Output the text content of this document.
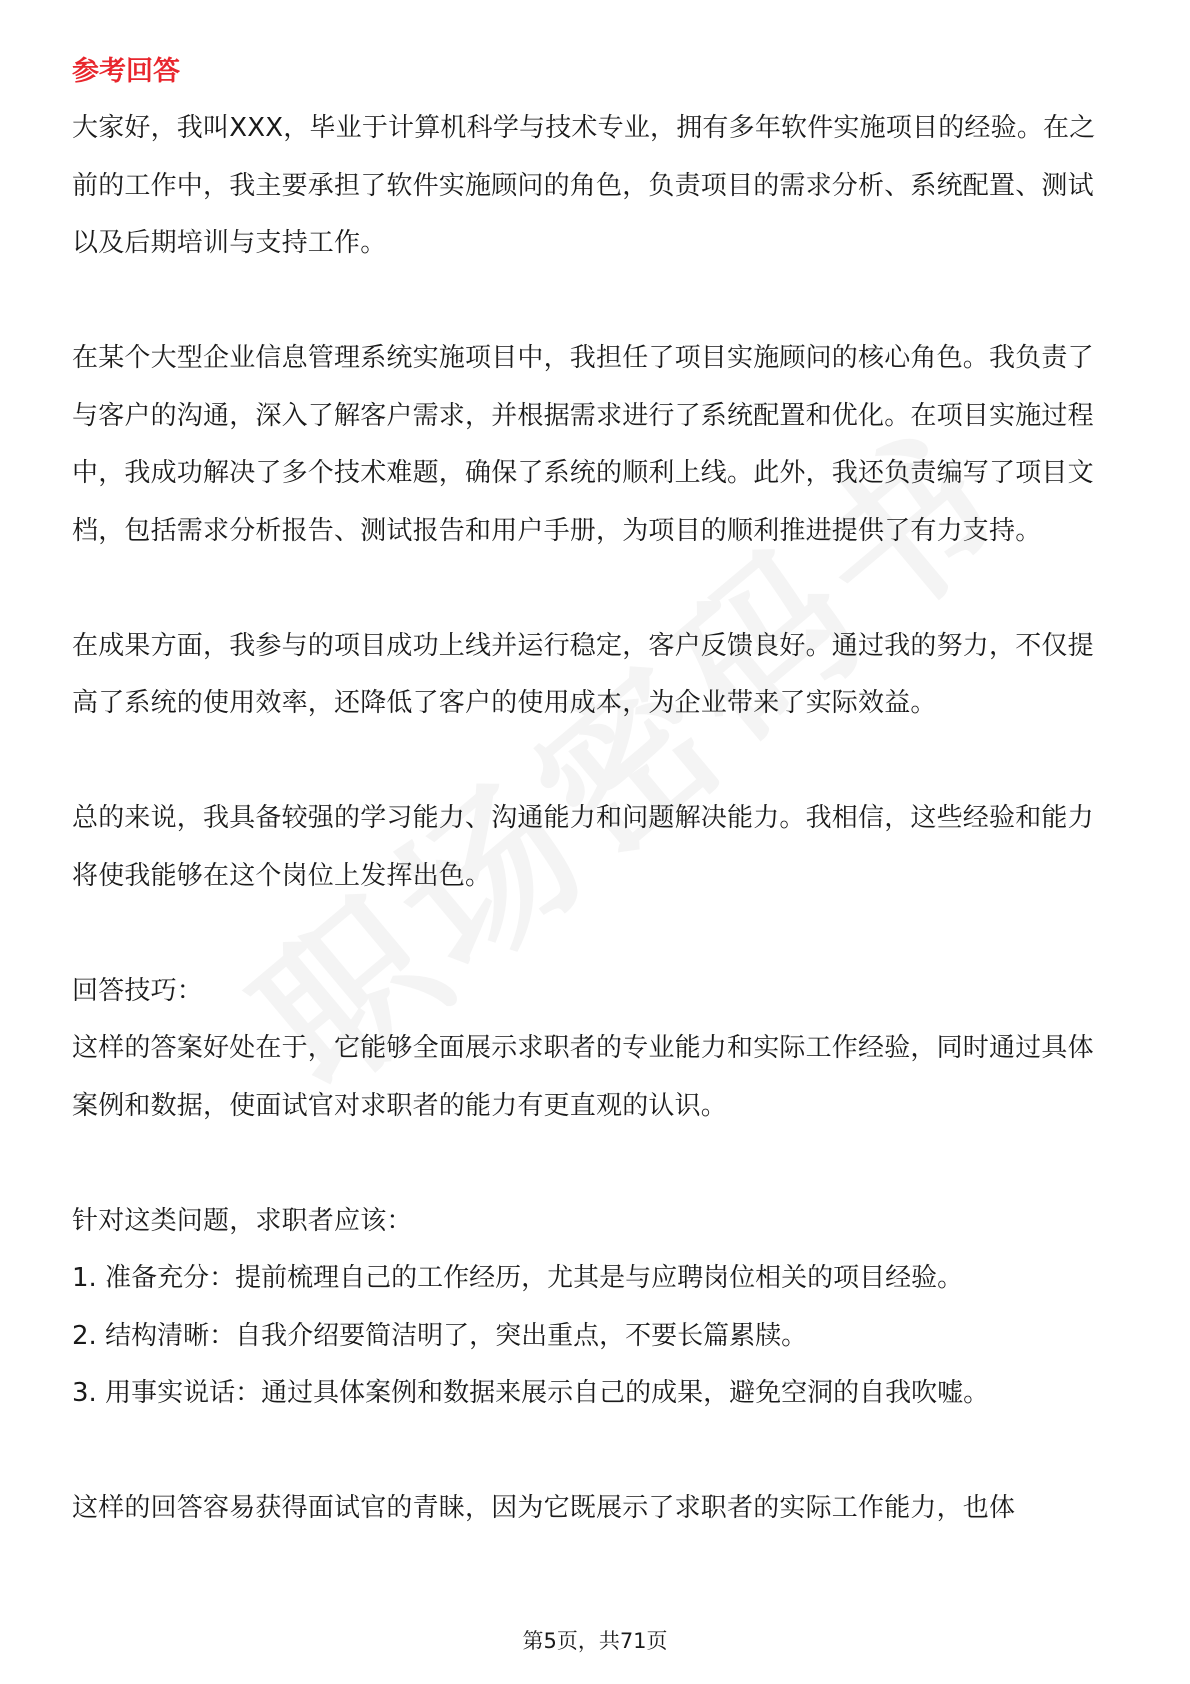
参考回答

大家好，我叫XXX，毕业于计算机科学与技术专业，拥有多年软件实施项目的经验。在之前的工作中，我主要承担了软件实施顾问的角色，负责项目的需求分析、系统配置、测试以及后期培训与支持工作。

在某个大型企业信息管理系统实施项目中，我担任了项目实施顾问的核心角色。我负责了与客户的沟通，深入了解客户需求，并根据需求进行了系统配置和优化。在项目实施过程中，我成功解决了多个技术难题，确保了系统的顺利上线。此外，我还负责编写了项目文档，包括需求分析报告、测试报告和用户手册，为项目的顺利推进提供了有力支持。

在成果方面，我参与的项目成功上线并运行稳定，客户反馈良好。通过我的努力，不仅提高了系统的使用效率，还降低了客户的使用成本，为企业带来了实际效益。

总的来说，我具备较强的学习能力、沟通能力和问题解决能力。我相信，这些经验和能力将使我能够在这个岗位上发挥出色。

回答技巧：

这样的答案好处在于，它能够全面展示求职者的专业能力和实际工作经验，同时通过具体案例和数据，使面试官对求职者的能力有更直观的认识。

针对这类问题，求职者应该：

1. 准备充分：提前梳理自己的工作经历，尤其是与应聘岗位相关的项目经验。

2. 结构清晰：自我介绍要简洁明了，突出重点，不要长篇累牍。

3. 用事实说话：通过具体案例和数据来展示自己的成果，避免空洞的自我吹嘘。

这样的回答容易获得面试官的青睐，因为它既展示了求职者的实际工作能力，也体

第5页，共71页
